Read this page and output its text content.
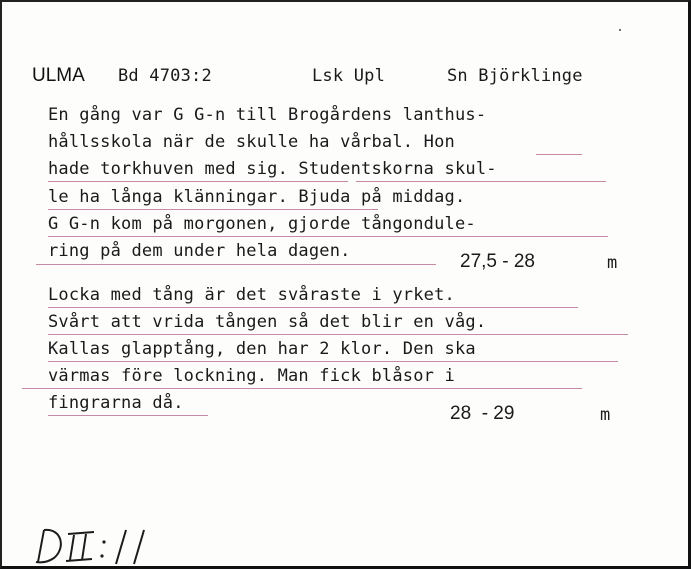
ULMA Bd 4703:2	Lsk Upl	Sn Björklinge
En gång var G G-n till Brogårdens lanthus-
hållsskola när de skulle ha vårbal. Hon
hade torkhuven med sig. Studentskorna skul-
le ha långa klänningar. Bjuda på middag.
G G-n kom på morgonen, gjorde tångondule-
ring på dem under hela dagen.	27,5 - 28	m
Locka med tång är det svåraste i yrket.
Svårt att vrida tången så det blir en våg.
Kallas glapptång, den har 2 klor. Den ska
värmas före lockning. Man fick blåsor i
fingrarna då.	28  - 29	m
